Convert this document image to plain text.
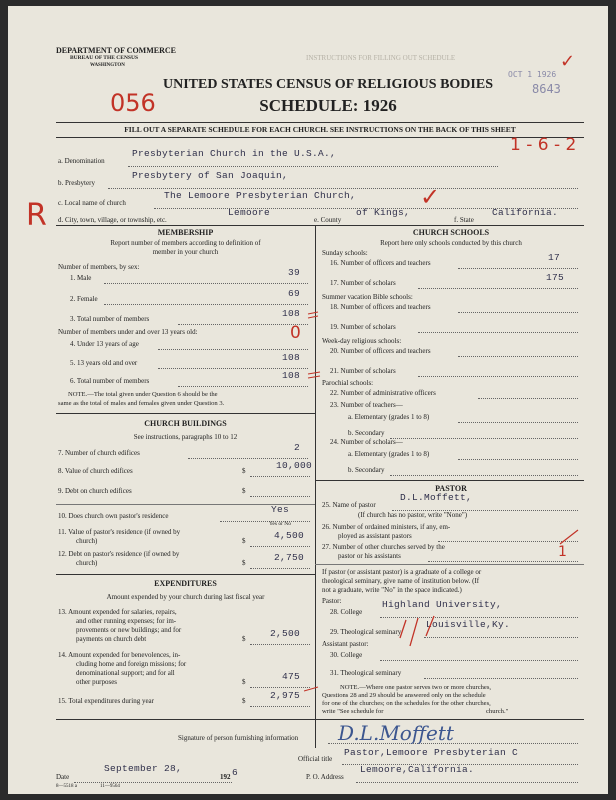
INSTRUCTIONS FOR FILLING OUT SCHEDULE
OCT 1 1926
8643
DEPARTMENT OF COMMERCE
BUREAU OF THE CENSUS
WASHINGTON
UNITED STATES CENSUS OF RELIGIOUS BODIES
SCHEDULE: 1926
056
✓
FILL OUT A SEPARATE SCHEDULE FOR EACH CHURCH. SEE INSTRUCTIONS ON THE BACK OF THIS SHEET
a. Denomination
Presbyterian Church in the U.S.A.,
b. Presbytery
Presbytery of San Joaquin,
c. Local name of church
The Lemoore Presbyterian Church,
d. City, town, village, or township, etc.
Lemoore
e. County
of Kings,
f. State
California.
R
1 - 6 - 2
✓
MEMBERSHIP
Report number of members according to definition of
member in your church
Number of members, by sex:
1. Male	39
2. Female	69
3. Total number of members	108
Number of members under and over 13 years old:
4. Under 13 years of age
0
5. 13 years old and over	108
6. Total number of members	108
NOTE.—The total given under Question 6 should be the
same as the total of males and females given under Question 3.
CHURCH BUILDINGS
See instructions, paragraphs 10 to 12
7. Number of church edifices	2
8. Value of church edifices	$	10,000
9. Debt on church edifices	$
10. Does church own pastor's residence
Yes
Yes or No
11. Value of pastor's residence (if owned by
church)	$	4,500
12. Debt on pastor's residence (if owned by
church)	$	2,750
EXPENDITURES
Amount expended by your church during last fiscal year
13. Amount expended for salaries, repairs,
and other running expenses; for im-
provements or new buildings; and for
payments on church debt	$	2,500
14. Amount expended for benevolences, in-
cluding home and foreign missions; for
denominational support; and for all
other purposes	$	475
15. Total expenditures during year	$	2,975
CHURCH SCHOOLS
Report here only schools conducted by this church
Sunday schools:
16. Number of officers and teachers	17
17. Number of scholars	175
Summer vacation Bible schools:
18. Number of officers and teachers
19. Number of scholars
Week-day religious schools:
20. Number of officers and teachers
21. Number of scholars
Parochial schools:
22. Number of administrative officers
23. Number of teachers—
a. Elementary (grades 1 to 8)
b. Secondary
24. Number of scholars—
a. Elementary (grades 1 to 8)
b. Secondary
PASTOR
25. Name of pastor
D.L.Moffett,
(If church has no pastor, write "None")
26. Number of ordained ministers, if any, em-
ployed as assistant pastors
27. Number of other churches served by the
pastor or his assistants	1
If pastor (or assistant pastor) is a graduate of a college or
theological seminary, give name of institution below. (If
not a graduate, write "No" in the space indicated.)
Pastor:
28. College
Highland University,
29. Theological seminary
Louisville,Ky.
Assistant pastor:
30. College
31. Theological seminary
NOTE.—Where one pastor serves two or more churches,
Questions 28 and 29 should be answered only on the schedule
for one of the churches; on the schedules for the other churches,
write "See schedule for	church."
Signature of person furnishing information D.L.Moffett
Official title
Pastor,Lemoore Presbyterian C
Date
September 28,
192 6	P. O. Address
Lemoore,California.
8—5518 a	11—9564
